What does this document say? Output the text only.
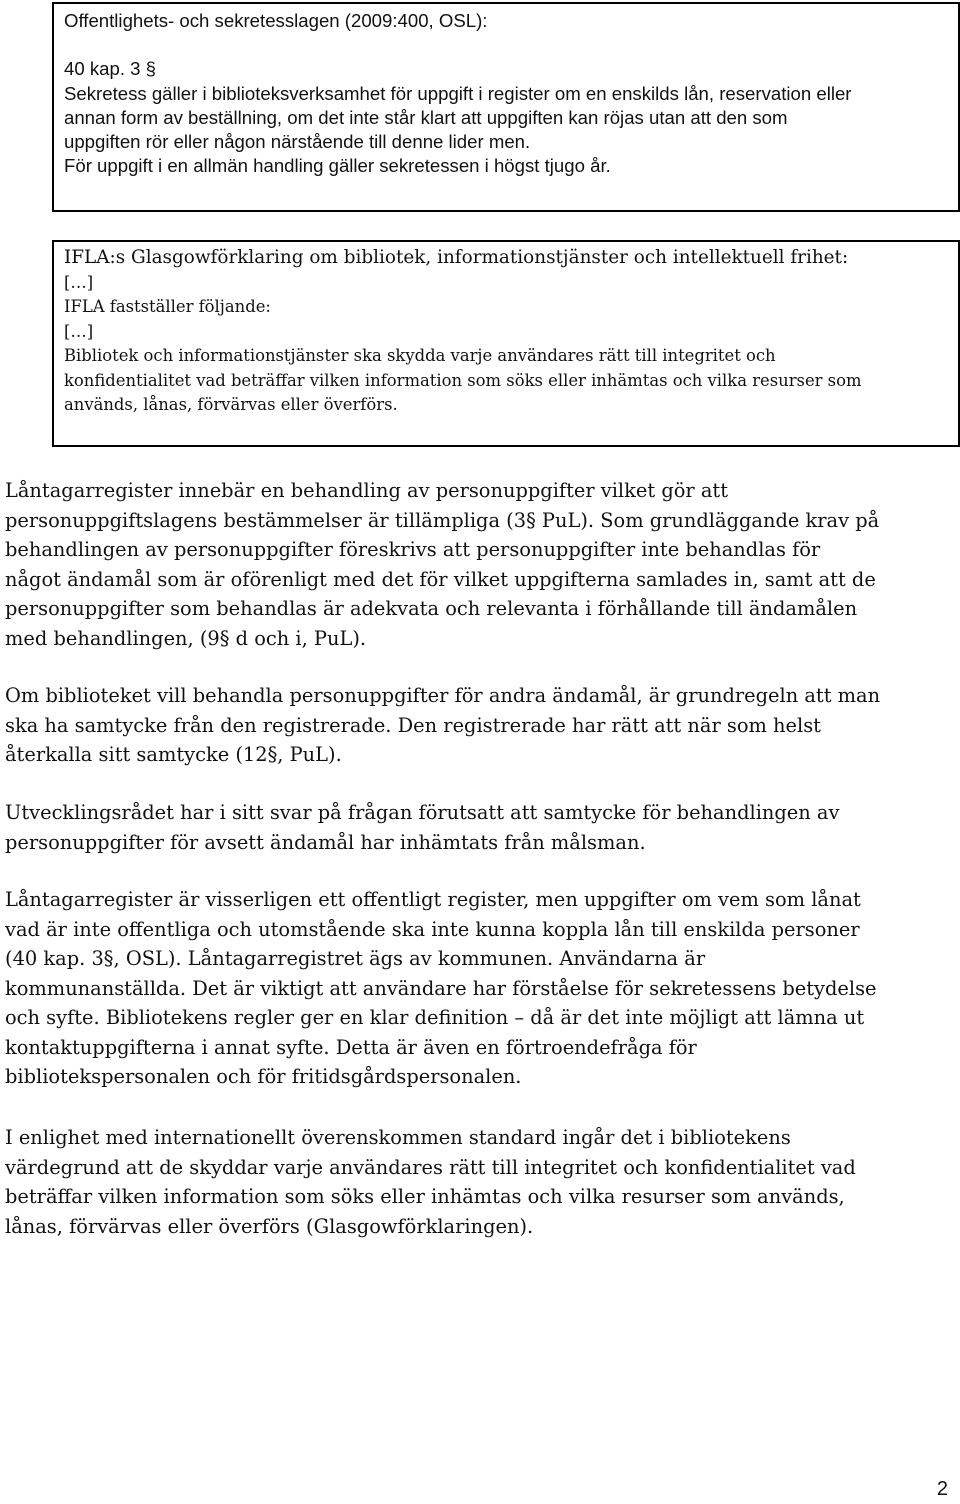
Offentlighets- och sekretesslagen (2009:400, OSL):
40 kap. 3 §
Sekretess gäller i biblioteksverksamhet för uppgift i register om en enskilds lån, reservation eller
annan form av beställning, om det inte står klart att uppgiften kan röjas utan att den som
uppgiften rör eller någon närstående till denne lider men.
För uppgift i en allmän handling gäller sekretessen i högst tjugo år.
IFLA:s Glasgowförklaring om bibliotek, informationstjänster och intellektuell frihet:
[…]
IFLA fastställer följande:
[…]
Bibliotek och informationstjänster ska skydda varje användares rätt till integritet och
konfidentialitet vad beträffar vilken information som söks eller inhämtas och vilka resurser som
används, lånas, förvärvas eller överförs.
Låntagarregister innebär en behandling av personuppgifter vilket gör att
personuppgiftslagens bestämmelser är tillämpliga (3§ PuL). Som grundläggande krav på
behandlingen av personuppgifter föreskrivs att personuppgifter inte behandlas för
något ändamål som är oförenligt med det för vilket uppgifterna samlades in, samt att de
personuppgifter som behandlas är adekvata och relevanta i förhållande till ändamålen
med behandlingen, (9§ d och i, PuL).
Om biblioteket vill behandla personuppgifter för andra ändamål, är grundregeln att man
ska ha samtycke från den registrerade. Den registrerade har rätt att när som helst
återkalla sitt samtycke (12§, PuL).
Utvecklingsrådet har i sitt svar på frågan förutsatt att samtycke för behandlingen av
personuppgifter för avsett ändamål har inhämtats från målsman.
Låntagarregister är visserligen ett offentligt register, men uppgifter om vem som lånat
vad är inte offentliga och utomstående ska inte kunna koppla lån till enskilda personer
(40 kap. 3§, OSL). Låntagarregistret ägs av kommunen. Användarna är
kommunanställda. Det är viktigt att användare har förståelse för sekretessens betydelse
och syfte. Bibliotekens regler ger en klar definition – då är det inte möjligt att lämna ut
kontaktuppgifterna i annat syfte. Detta är även en förtroendefråga för
bibliotekspersonalen och för fritidsgårdspersonalen.
I enlighet med internationellt överenskommen standard ingår det i bibliotekens
värdegrund att de skyddar varje användares rätt till integritet och konfidentialitet vad
beträffar vilken information som söks eller inhämtas och vilka resurser som används,
lånas, förvärvas eller överförs (Glasgowförklaringen).
2
